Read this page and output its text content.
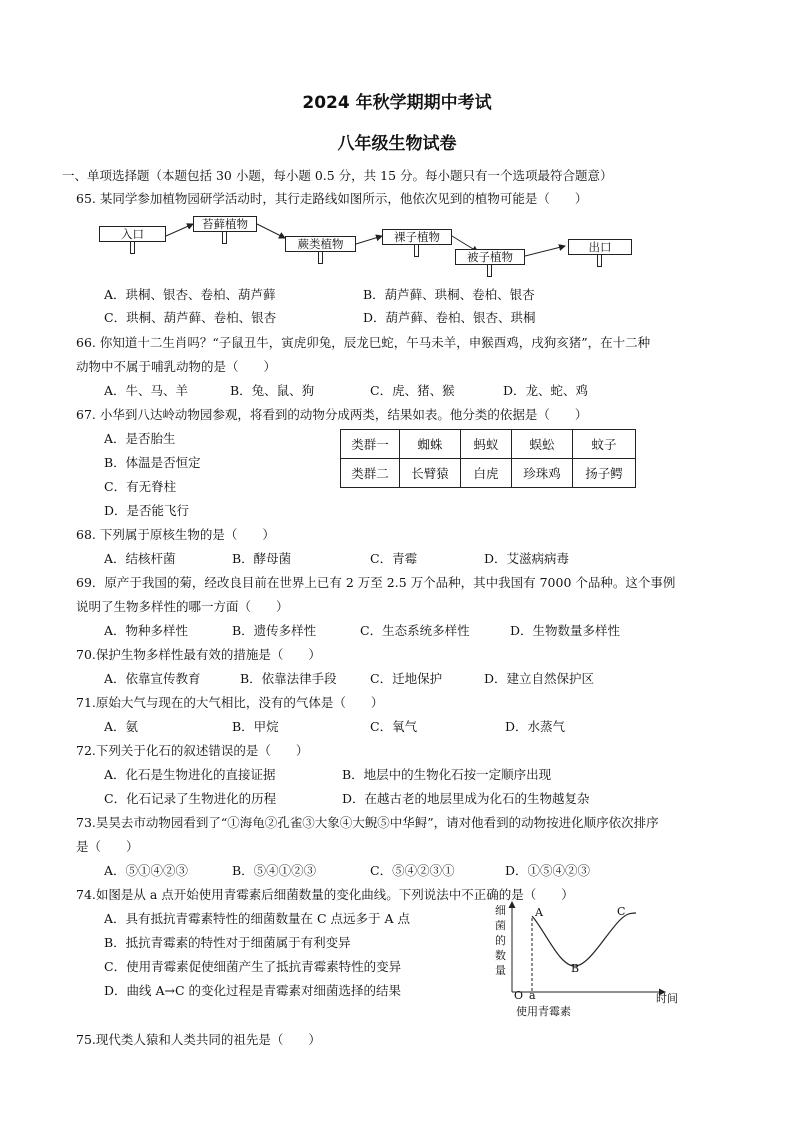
2024 年秋学期期中考试
八年级生物试卷
一、单项选择题（本题包括 30 小题，每小题 0.5 分，共 15 分。每小题只有一个选项最符合题意）
65. 某同学参加植物园研学活动时，其行走路线如图所示，他依次见到的植物可能是（　　）
入口
苔藓植物
蕨类植物	裸子植物
被子植物
出口
A．珙桐、银杏、卷柏、葫芦藓	B．葫芦藓、珙桐、卷柏、银杏
C．珙桐、葫芦藓、卷柏、银杏	D．葫芦藓、卷柏、银杏、珙桐
66. 你知道十二生肖吗？“子鼠丑牛，寅虎卯兔，辰龙巳蛇，午马未羊，申猴酉鸡，戌狗亥猪”，在十二种
动物中不属于哺乳动物的是（　　）
A．牛、马、羊	B．兔、鼠、狗	C．虎、猪、猴	D．龙、蛇、鸡
67. 小华到八达岭动物园参观，将看到的动物分成两类，结果如表。他分类的依据是（　　）
A．是否胎生
B．体温是否恒定
C．有无脊柱
D．是否能飞行
类群一	蜘蛛	蚂蚁	蜈蚣	蚊子
类群二	长臂猿	白虎	珍珠鸡	扬子鳄
68. 下列属于原核生物的是（　　）
A．结核杆菌	B．酵母菌	C．青霉	D．艾滋病病毒
69．原产于我国的菊，经改良目前在世界上已有 2 万至 2.5 万个品种，其中我国有 7000 个品种。这个事例
说明了生物多样性的哪一方面（　　）
A．物种多样性	B．遗传多样性	C．生态系统多样性	D．生物数量多样性
70.保护生物多样性最有效的措施是（　　）
A．依靠宣传教育	B．依靠法律手段	C．迁地保护	D．建立自然保护区
71.原始大气与现在的大气相比，没有的气体是（　　）
A．氨	B．甲烷	C．氧气	D．水蒸气
72.下列关于化石的叙述错误的是（　　）
A．化石是生物进化的直接证据	B．地层中的生物化石按一定顺序出现
C．化石记录了生物进化的历程	D．在越古老的地层里成为化石的生物越复杂
73.昊昊去市动物园看到了“①海龟②孔雀③大象④大鲵⑤中华鲟”，请对他看到的动物按进化顺序依次排序
是（　　）
A．⑤①④②③	B．⑤④①②③	C．⑤④②③①	D．①⑤④②③
74.如图是从 a 点开始使用青霉素后细菌数量的变化曲线。下列说法中不正确的是（　　）
A．具有抵抗青霉素特性的细菌数量在 C 点远多于 A 点
B．抵抗青霉素的特性对于细菌属于有利变异
C．使用青霉素促使细菌产生了抵抗青霉素特性的变异
D．曲线 A→C 的变化过程是青霉素对细菌选择的结果
细
菌
的
数
量
A
B
C
O a	时间
使用青霉素
75.现代类人猿和人类共同的祖先是（　　）
